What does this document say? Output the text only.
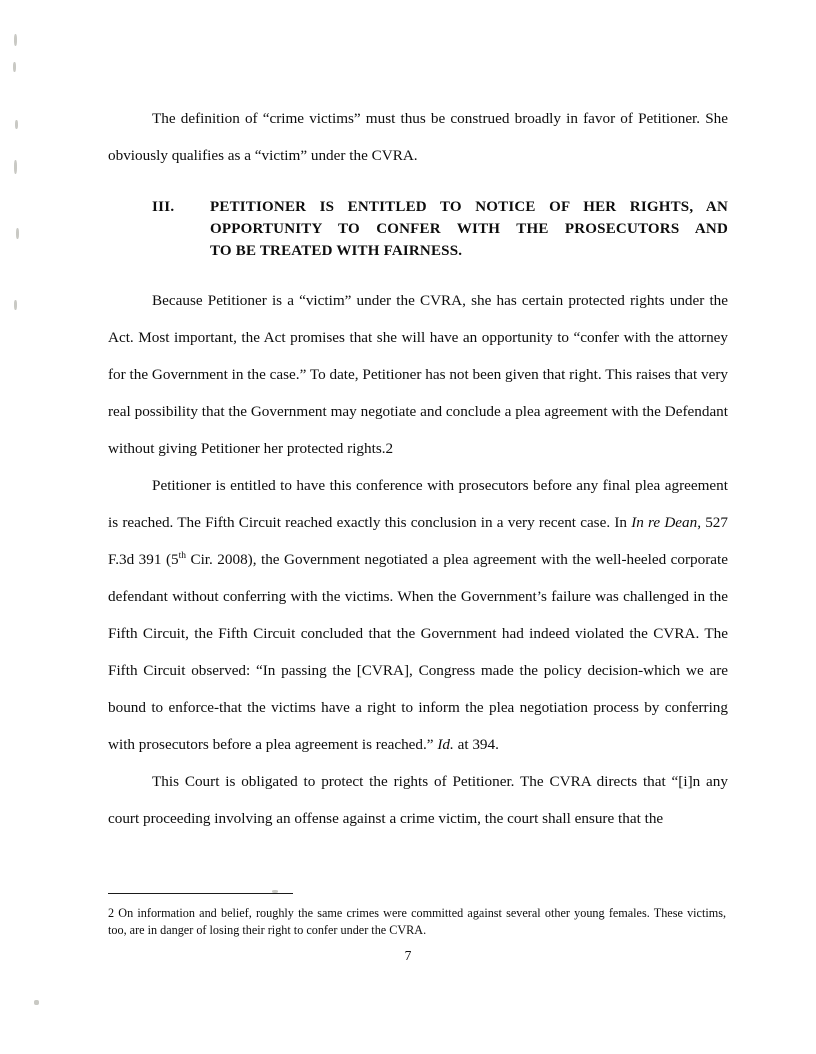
The definition of “crime victims” must thus be construed broadly in favor of Petitioner. She obviously qualifies as a “victim” under the CVRA.

III.	PETITIONER IS ENTITLED TO NOTICE OF HER RIGHTS, AN
OPPORTUNITY TO CONFER WITH THE PROSECUTORS AND
TO BE TREATED WITH FAIRNESS.

Because Petitioner is a “victim” under the CVRA, she has certain protected rights under the Act. Most important, the Act promises that she will have an opportunity to “confer with the attorney for the Government in the case.” To date, Petitioner has not been given that right. This raises that very real possibility that the Government may negotiate and conclude a plea agreement with the Defendant without giving Petitioner her protected rights.2

Petitioner is entitled to have this conference with prosecutors before any final plea agreement is reached. The Fifth Circuit reached exactly this conclusion in a very recent case. In In re Dean, 527 F.3d 391 (5th Cir. 2008), the Government negotiated a plea agreement with the well-heeled corporate defendant without conferring with the victims. When the Government’s failure was challenged in the Fifth Circuit, the Fifth Circuit concluded that the Government had indeed violated the CVRA. The Fifth Circuit observed: “In passing the [CVRA], Congress made the policy decision-which we are bound to enforce-that the victims have a right to inform the plea negotiation process by conferring with prosecutors before a plea agreement is reached.” Id. at 394.

This Court is obligated to protect the rights of Petitioner. The CVRA directs that “[i]n any court proceeding involving an offense against a crime victim, the court shall ensure that the

2 On information and belief, roughly the same crimes were committed against several other young females. These victims, too, are in danger of losing their right to confer under the CVRA.
7
